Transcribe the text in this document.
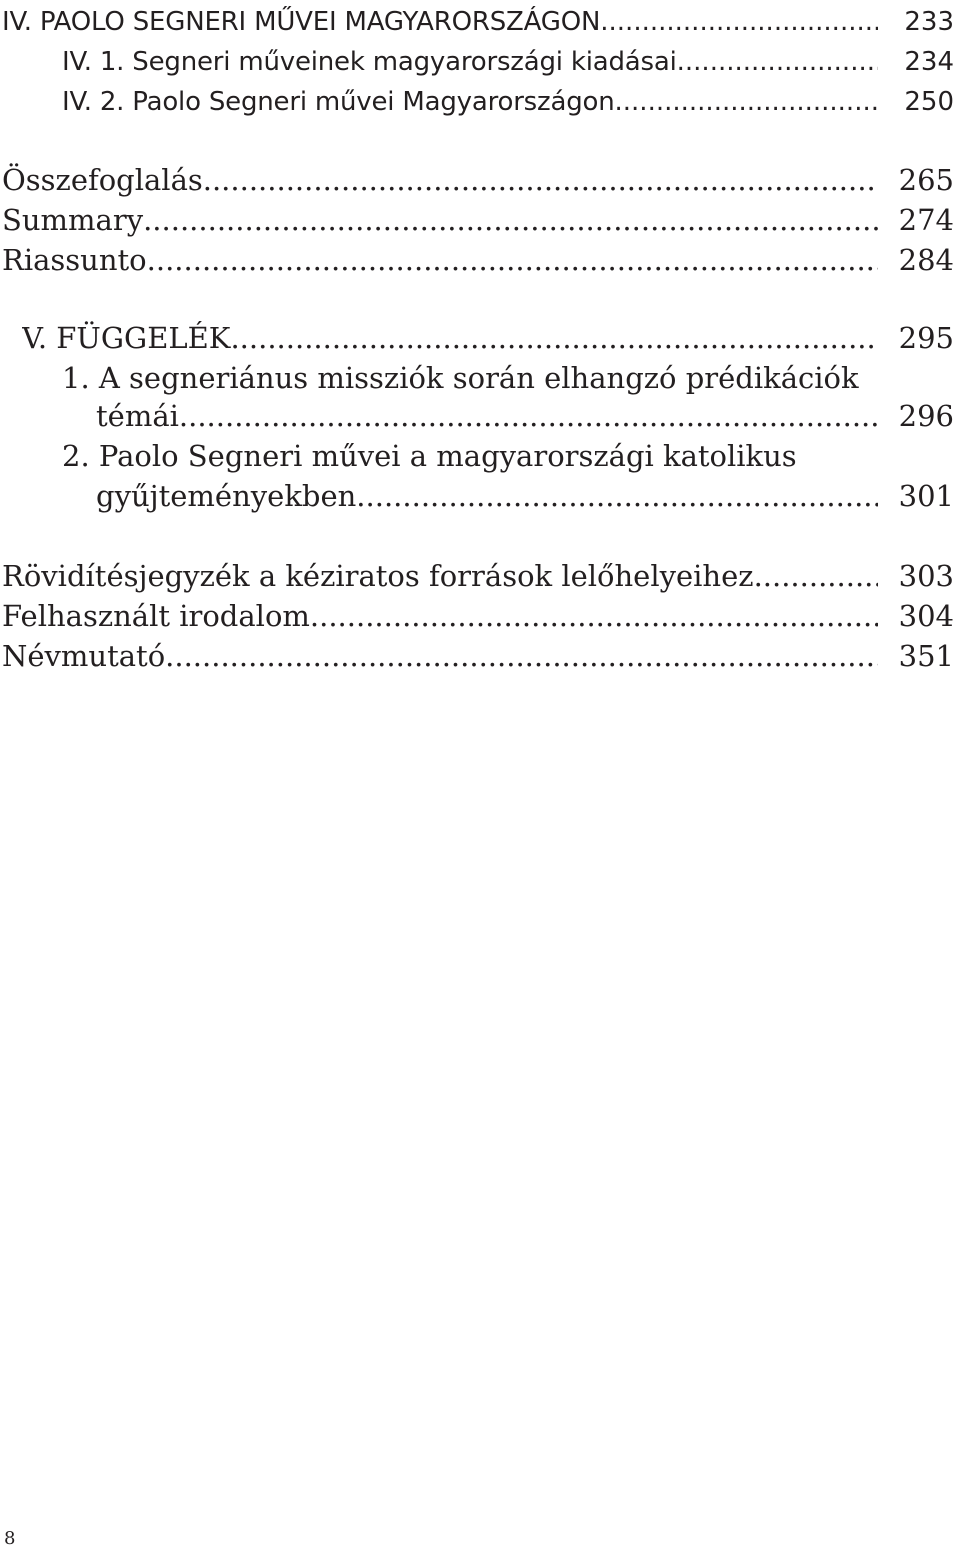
IV. PAOLO SEGNERI MŰVEI MAGYARORSZÁGON .....	233
IV. 1. Segneri műveinek magyarországi kiadásai .....	234
IV. 2. Paolo Segneri művei Magyarországon .....	250
Összefoglalás .....	265
Summary .....	274
Riassunto .....	284
V. FÜGGELÉK .....	295
1. A segneriánus missziók során elhangzó prédikációk
témái .....	296
2. Paolo Segneri művei a magyarországi katolikus
gyűjteményekben .....	301
Rövidítésjegyzék a kéziratos források lelőhelyeihez .....	303
Felhasznált irodalom .....	304
Névmutató .....	351
8
